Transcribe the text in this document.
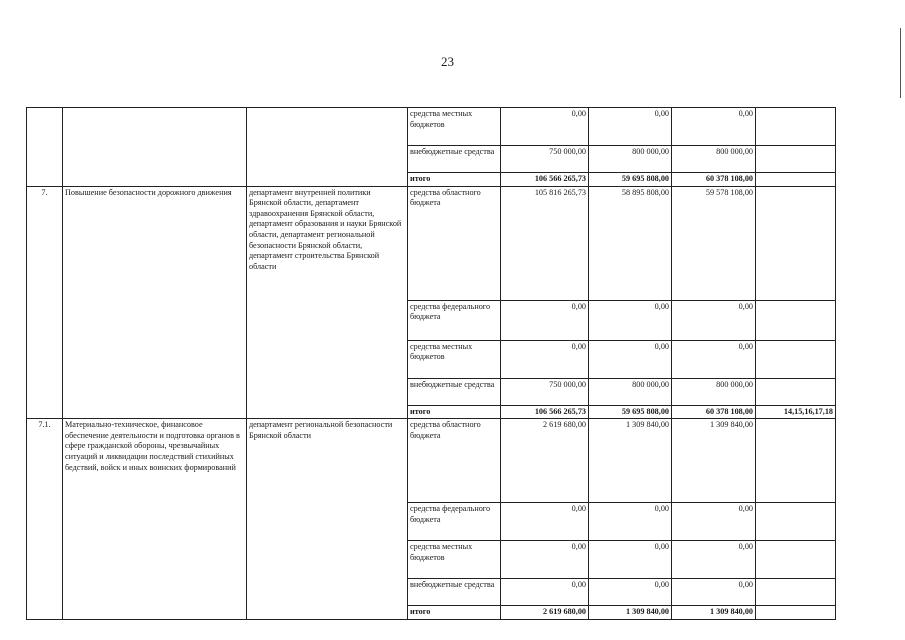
23
			средства местных бюджетов	0,00	0,00	0,00	
			внебюджетные средства	750 000,00	800 000,00	800 000,00	
			итого	106 566 265,73	59 695 808,00	60 378 108,00	
7.	Повышение безопасности дорожного движения	департамент внутренней политики Брянской области, департамент здравоохранения Брянской области, департамент образования и науки Брянской области, департамент региональной безопасности Брянской области, департамент строительства Брянской области	средства областного бюджета	105 816 265,73	58 895 808,00	59 578 108,00	
			средства федерального бюджета	0,00	0,00	0,00	
			средства местных бюджетов	0,00	0,00	0,00	
			внебюджетные средства	750 000,00	800 000,00	800 000,00	
			итого	106 566 265,73	59 695 808,00	60 378 108,00	14,15,16,17,18
7.1.	Материально-техническое, финансовое обеспечение деятельности и подготовка органов в сфере гражданской обороны, чрезвычайных ситуаций и ликвидации последствий стихийных бедствий, войск и иных воинских формирований	департамент региональной безопасности Брянской области	средства областного бюджета	2 619 680,00	1 309 840,00	1 309 840,00	
			средства федерального бюджета	0,00	0,00	0,00	
			средства местных бюджетов	0,00	0,00	0,00	
			внебюджетные средства	0,00	0,00	0,00	
			итого	2 619 680,00	1 309 840,00	1 309 840,00	
